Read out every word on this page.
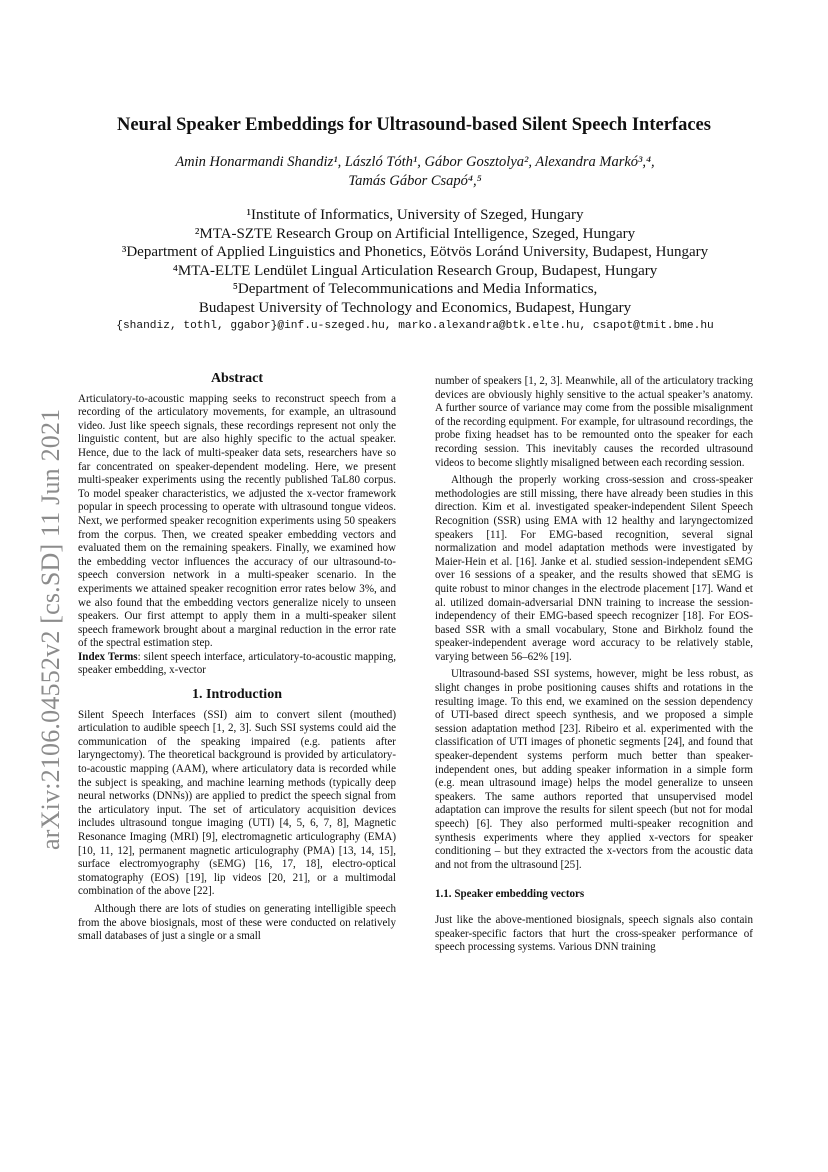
arXiv:2106.04552v2 [cs.SD] 11 Jun 2021
Neural Speaker Embeddings for Ultrasound-based Silent Speech Interfaces
Amin Honarmandi Shandiz¹, László Tóth¹, Gábor Gosztolya², Alexandra Markó³,⁴,
Tamás Gábor Csapó⁴,⁵
¹Institute of Informatics, University of Szeged, Hungary
²MTA-SZTE Research Group on Artificial Intelligence, Szeged, Hungary
³Department of Applied Linguistics and Phonetics, Eötvös Loránd University, Budapest, Hungary
⁴MTA-ELTE Lendület Lingual Articulation Research Group, Budapest, Hungary
⁵Department of Telecommunications and Media Informatics,
Budapest University of Technology and Economics, Budapest, Hungary
{shandiz, tothl, ggabor}@inf.u-szeged.hu, marko.alexandra@btk.elte.hu, csapot@tmit.bme.hu
Abstract

Articulatory-to-acoustic mapping seeks to reconstruct speech from a recording of the articulatory movements, for example, an ultrasound video. Just like speech signals, these recordings represent not only the linguistic content, but are also highly specific to the actual speaker. Hence, due to the lack of multi-speaker data sets, researchers have so far concentrated on speaker-dependent modeling. Here, we present multi-speaker experiments using the recently published TaL80 corpus. To model speaker characteristics, we adjusted the x-vector framework popular in speech processing to operate with ultrasound tongue videos. Next, we performed speaker recognition experiments using 50 speakers from the corpus. Then, we created speaker embedding vectors and evaluated them on the remaining speakers. Finally, we examined how the embedding vector influences the accuracy of our ultrasound-to-speech conversion network in a multi-speaker scenario. In the experiments we attained speaker recognition error rates below 3%, and we also found that the embedding vectors generalize nicely to unseen speakers. Our first attempt to apply them in a multi-speaker silent speech framework brought about a marginal reduction in the error rate of the spectral estimation step.

Index Terms: silent speech interface, articulatory-to-acoustic mapping, speaker embedding, x-vector

1. Introduction

Silent Speech Interfaces (SSI) aim to convert silent (mouthed) articulation to audible speech [1, 2, 3]. Such SSI systems could aid the communication of the speaking impaired (e.g. patients after laryngectomy). The theoretical background is provided by articulatory-to-acoustic mapping (AAM), where articulatory data is recorded while the subject is speaking, and machine learning methods (typically deep neural networks (DNNs)) are applied to predict the speech signal from the articulatory input. The set of articulatory acquisition devices includes ultrasound tongue imaging (UTI) [4, 5, 6, 7, 8], Magnetic Resonance Imaging (MRI) [9], electromagnetic articulography (EMA) [10, 11, 12], permanent magnetic articulography (PMA) [13, 14, 15], surface electromyography (sEMG) [16, 17, 18], electro-optical stomatography (EOS) [19], lip videos [20, 21], or a multimodal combination of the above [22].

Although there are lots of studies on generating intelligible speech from the above biosignals, most of these were conducted on relatively small databases of just a single or a small

number of speakers [1, 2, 3]. Meanwhile, all of the articulatory tracking devices are obviously highly sensitive to the actual speaker’s anatomy. A further source of variance may come from the possible misalignment of the recording equipment. For example, for ultrasound recordings, the probe fixing headset has to be remounted onto the speaker for each recording session. This inevitably causes the recorded ultrasound videos to become slightly misaligned between each recording session.

Although the properly working cross-session and cross-speaker methodologies are still missing, there have already been studies in this direction. Kim et al. investigated speaker-independent Silent Speech Recognition (SSR) using EMA with 12 healthy and laryngectomized speakers [11]. For EMG-based recognition, several signal normalization and model adaptation methods were investigated by Maier-Hein et al. [16]. Janke et al. studied session-independent sEMG over 16 sessions of a speaker, and the results showed that sEMG is quite robust to minor changes in the electrode placement [17]. Wand et al. utilized domain-adversarial DNN training to increase the session-independency of their EMG-based speech recognizer [18]. For EOS-based SSR with a small vocabulary, Stone and Birkholz found the speaker-independent average word accuracy to be relatively stable, varying between 56–62% [19].

Ultrasound-based SSI systems, however, might be less robust, as slight changes in probe positioning causes shifts and rotations in the resulting image. To this end, we examined on the session dependency of UTI-based direct speech synthesis, and we proposed a simple session adaptation method [23]. Ribeiro et al. experimented with the classification of UTI images of phonetic segments [24], and found that speaker-dependent systems perform much better than speaker-independent ones, but adding speaker information in a simple form (e.g. mean ultrasound image) helps the model generalize to unseen speakers. The same authors reported that unsupervised model adaptation can improve the results for silent speech (but not for modal speech) [6]. They also performed multi-speaker recognition and synthesis experiments where they applied x-vectors for speaker conditioning – but they extracted the x-vectors from the acoustic data and not from the ultrasound [25].

1.1. Speaker embedding vectors

Just like the above-mentioned biosignals, speech signals also contain speaker-specific factors that hurt the cross-speaker performance of speech processing systems. Various DNN training
